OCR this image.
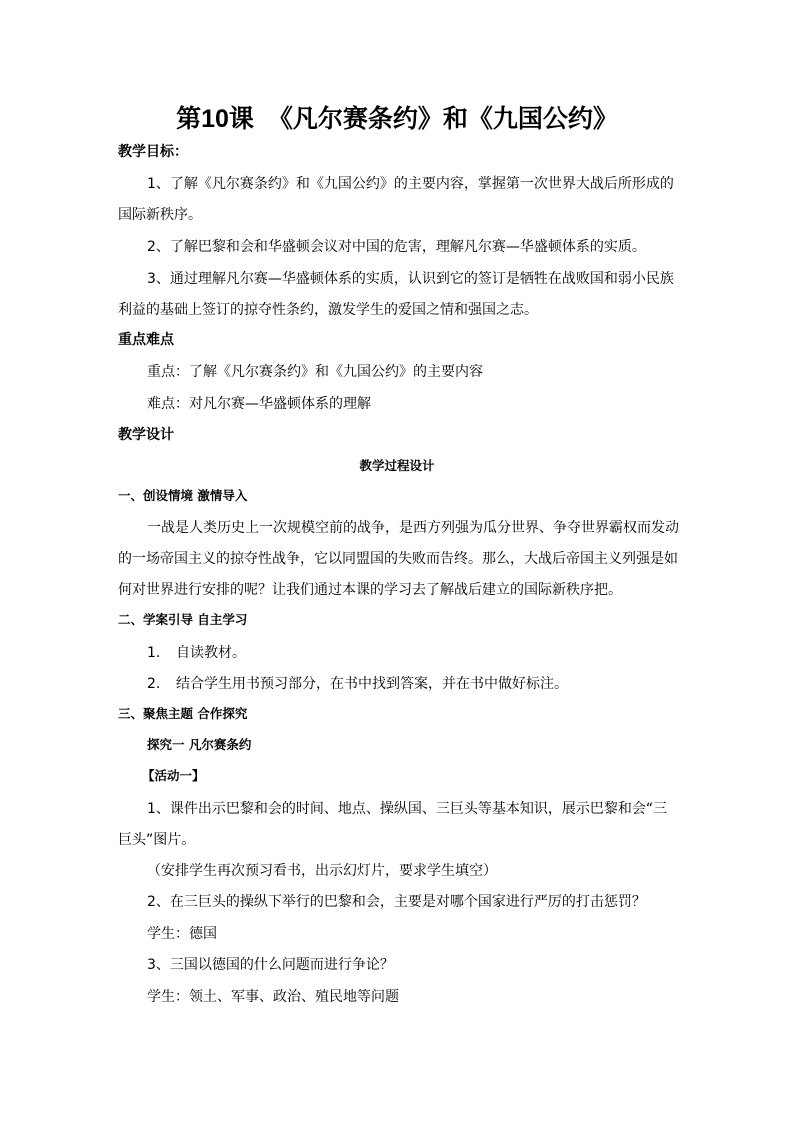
第10课 《凡尔赛条约》和《九国公约》
教学目标：
1、了解《凡尔赛条约》和《九国公约》的主要内容，掌握第一次世界大战后所形成的
国际新秩序。
2、了解巴黎和会和华盛顿会议对中国的危害，理解凡尔赛—华盛顿体系的实质。
3、通过理解凡尔赛—华盛顿体系的实质，认识到它的签订是牺牲在战败国和弱小民族
利益的基础上签订的掠夺性条约，激发学生的爱国之情和强国之志。
重点难点
重点：了解《凡尔赛条约》和《九国公约》的主要内容
难点：对凡尔赛—华盛顿体系的理解
教学设计
教学过程设计
一、创设情境 激情导入
一战是人类历史上一次规模空前的战争，是西方列强为瓜分世界、争夺世界霸权而发动
的一场帝国主义的掠夺性战争，它以同盟国的失败而告终。那么，大战后帝国主义列强是如
何对世界进行安排的呢？让我们通过本课的学习去了解战后建立的国际新秩序把。
二、学案引导 自主学习
1. 自读教材。
2. 结合学生用书预习部分，在书中找到答案，并在书中做好标注。
三、聚焦主题 合作探究
探究一 凡尔赛条约
【活动一】
1、课件出示巴黎和会的时间、地点、操纵国、三巨头等基本知识，展示巴黎和会“三
巨头”图片。
（安排学生再次预习看书，出示幻灯片，要求学生填空）
2、在三巨头的操纵下举行的巴黎和会，主要是对哪个国家进行严厉的打击惩罚？
学生：德国
3、三国以德国的什么问题而进行争论？
学生：领土、军事、政治、殖民地等问题
